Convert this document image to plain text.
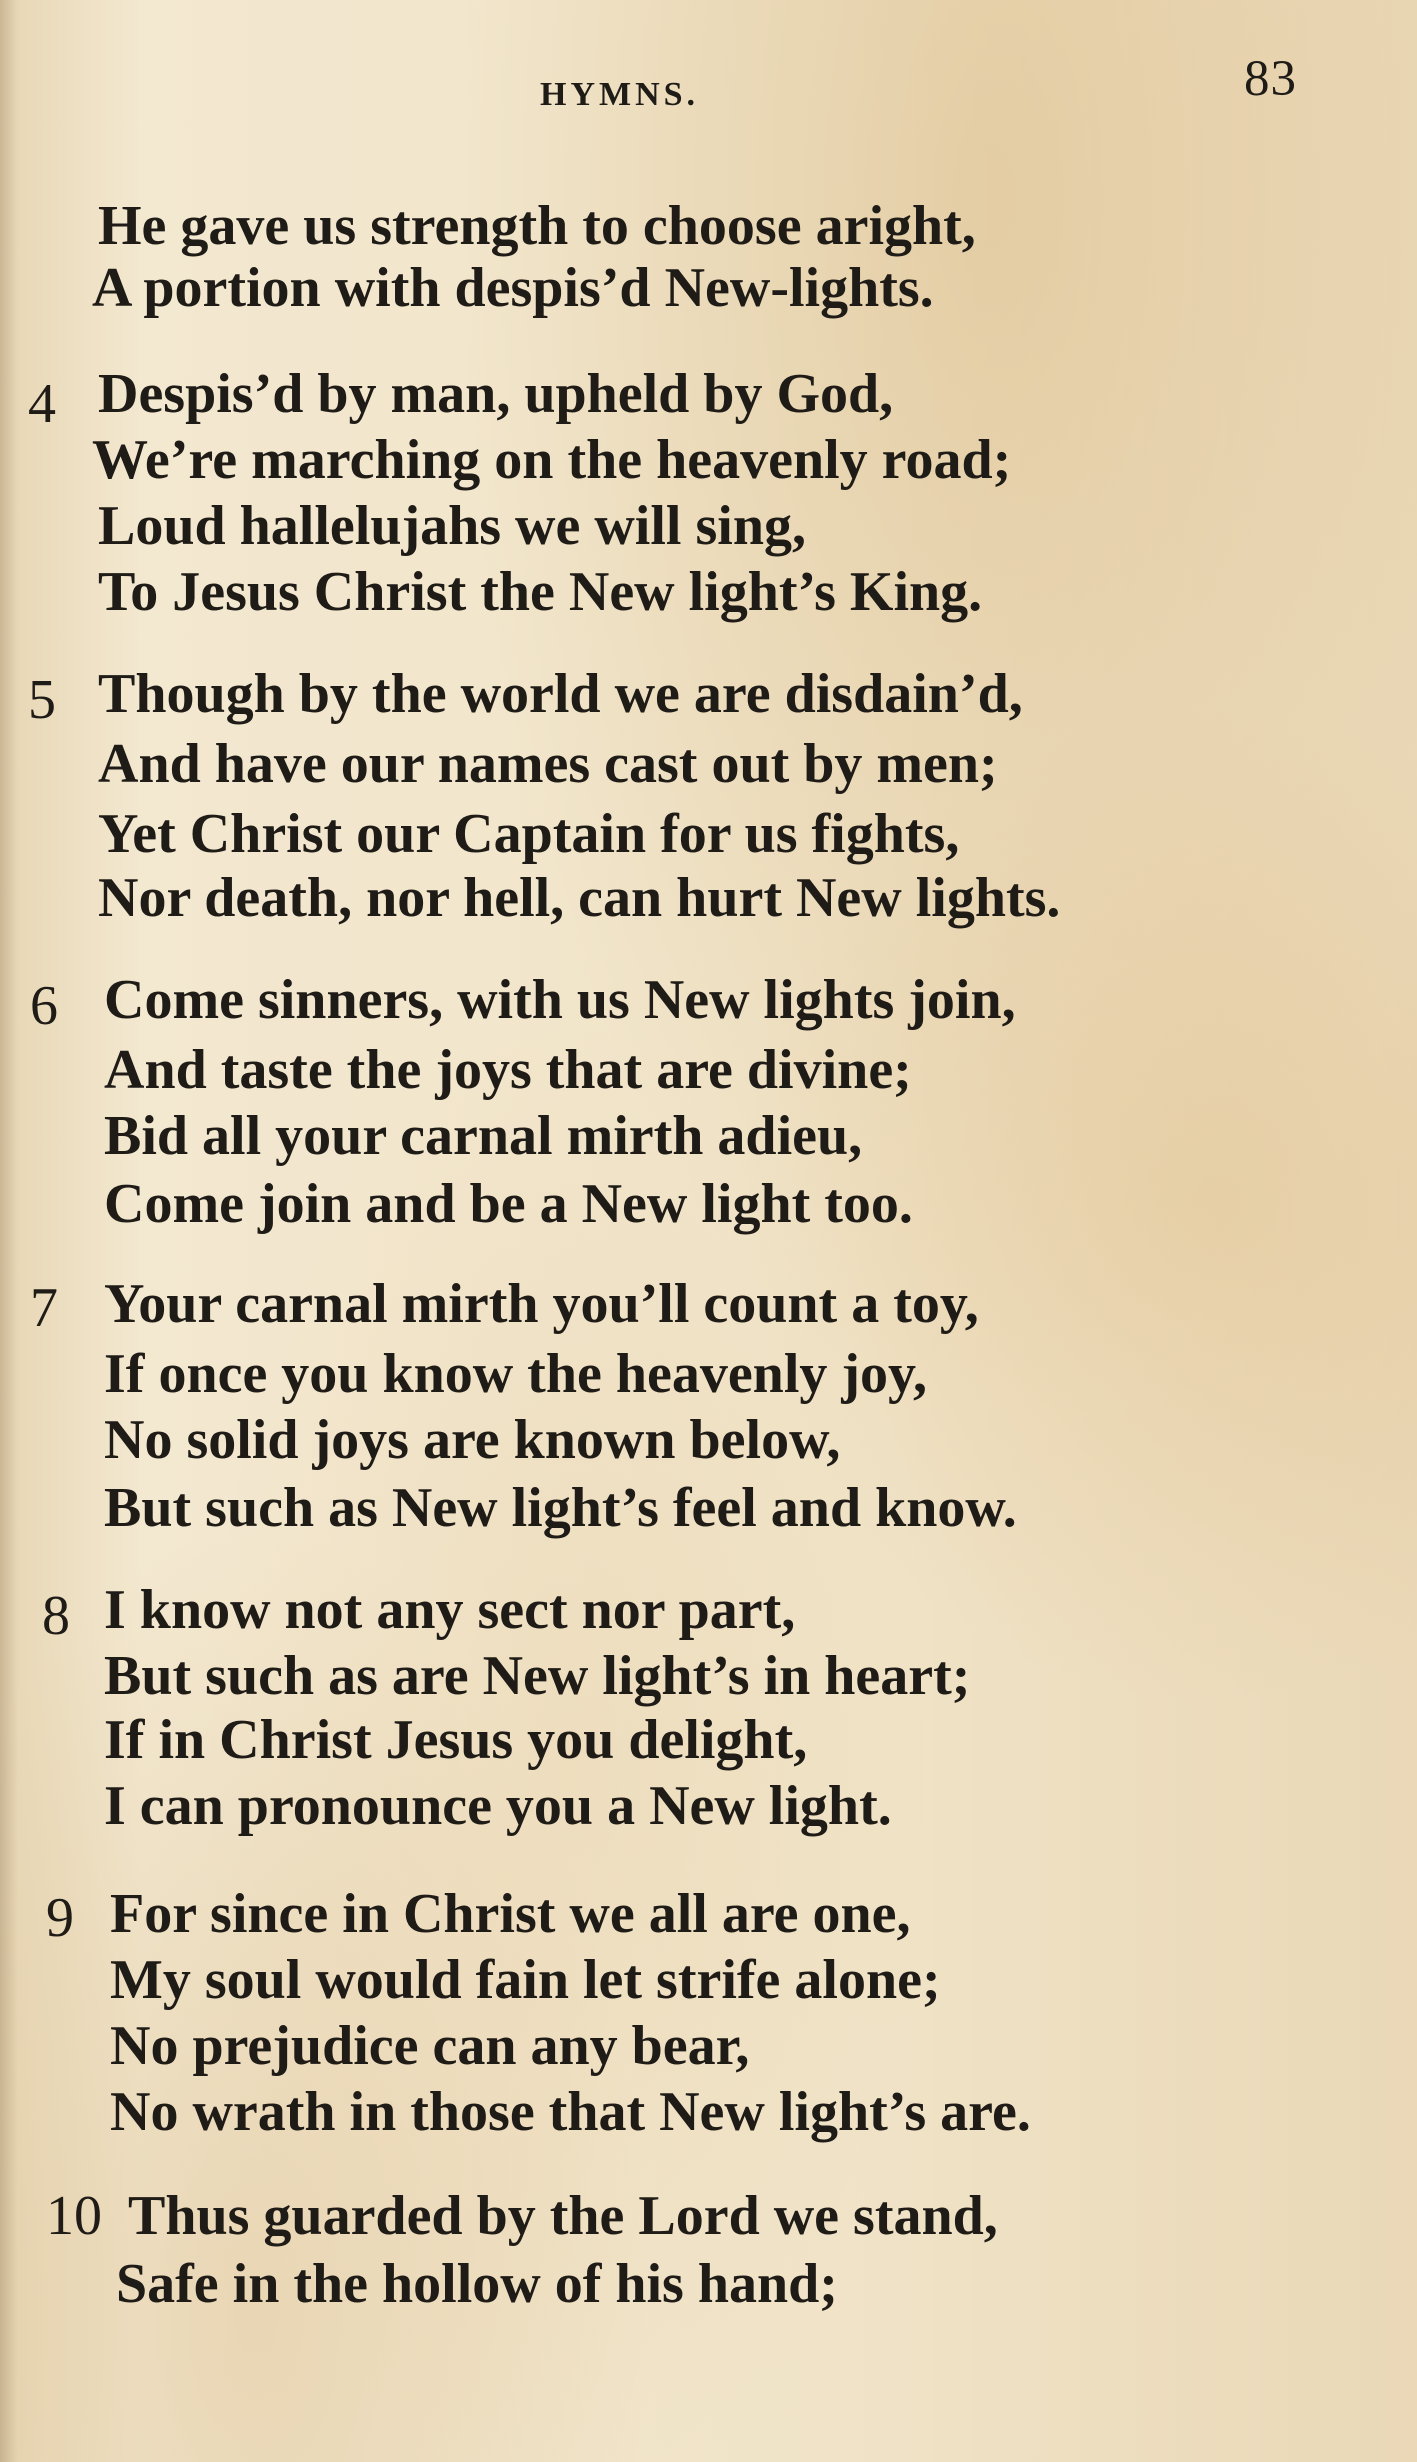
HYMNS.	83
He gave us strength to choose aright,
A portion with despis’d New-lights.
4 Despis’d by man, upheld by God,
We’re marching on the heavenly road;
Loud hallelujahs we will sing,
To Jesus Christ the New light’s King.
5 Though by the world we are disdain’d,
And have our names cast out by men;
Yet Christ our Captain for us fights,
Nor death, nor hell, can hurt New lights.
6 Come sinners, with us New lights join,
And taste the joys that are divine;
Bid all your carnal mirth adieu,
Come join and be a New light too.
7 Your carnal mirth you’ll count a toy,
If once you know the heavenly joy,
No solid joys are known below,
But such as New light’s feel and know.
8 I know not any sect nor part,
But such as are New light’s in heart;
If in Christ Jesus you delight,
I can pronounce you a New light.
9 For since in Christ we all are one,
My soul would fain let strife alone;
No prejudice can any bear,
No wrath in those that New light’s are.
10 Thus guarded by the Lord we stand,
Safe in the hollow of his hand;
